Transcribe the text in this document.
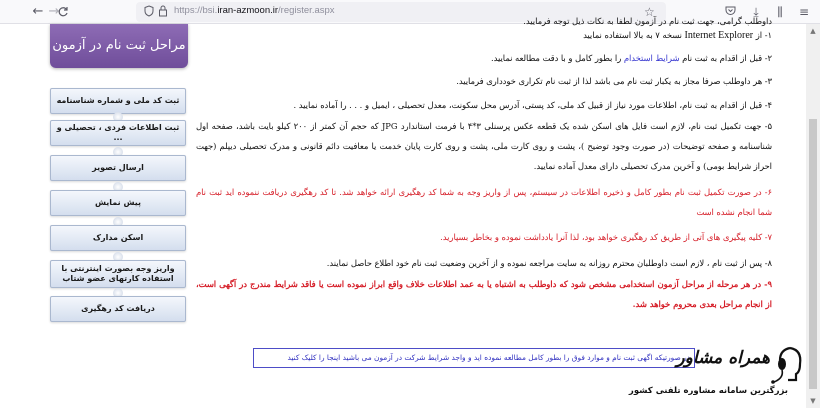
← →	https://bsi.iran-azmoon.ir/register.aspx	☆	⤓	⫼	≡
مراحل ثبت نام در آزمون
ثبت کد ملی و شماره شناسنامه
ثبت اطلاعات فردی ، تحصیلی و ...
ارسال تصویر
پیش نمایش
اسکن مدارک
واریز وجه بصورت اینترنتی با استفاده کارتهای عضو شتاب
دریافت کد رهگیری
داوطلب گرامی، جهت ثبت نام در آزمون لطفا به نکات ذیل توجه فرمایید.
۱- از Internet Explorer نسخه ۷ به بالا استفاده نمایید
۲- قبل از اقدام به ثبت نام شرایط استخدام را بطور کامل و با دقت مطالعه نمایید.
۳- هر داوطلب صرفا مجاز به یکبار ثبت نام می باشد لذا از ثبت نام تکراری خودداری فرمایید.
۴- قبل از اقدام به ثبت نام، اطلاعات مورد نیاز از قبیل کد ملی، کد پستی، آدرس محل سکونت، معدل تحصیلی ، ایمیل و . . . را آماده نمایید .
۵- جهت تکمیل ثبت نام، لازم است فایل های اسکن شده یک قطعه عکس پرسنلی ۳*۴ با فرمت استاندارد JPG که حجم آن کمتر از ۲۰۰ کیلو بایت باشد، صفحه اول شناسنامه و صفحه توضیحات (در صورت وجود توضیح )، پشت و روی کارت ملی، پشت و روی کارت پایان خدمت یا معافیت دائم قانونی و مدرک تحصیلی دیپلم (جهت احراز شرایط بومی) و آخرین مدرک تحصیلی دارای معدل آماده نمایید.
۶- در صورت تکمیل ثبت نام بطور کامل و ذخیره اطلاعات در سیستم، پس از واریز وجه به شما کد رهگیری ارائه خواهد شد. تا کد رهگیری دریافت ننموده اید ثبت نام شما انجام نشده است
۷- کلیه پیگیری های آتی از طریق کد رهگیری خواهد بود، لذا آنرا یادداشت نموده و بخاطر بسپارید.
۸- پس از ثبت نام ، لازم است داوطلبان محترم روزانه به سایت مراجعه نموده و از آخرین وضعیت ثبت نام خود اطلاع حاصل نمایند.
۹- در هر مرحله از مراحل آزمون استخدامی مشخص شود که داوطلب به اشتباه یا به عمد اطلاعات خلاف واقع ابراز نموده است یا فاقد شرایط مندرج در آگهی است، از انجام مراحل بعدی محروم خواهد شد.
در صورتیکه اگهی ثبت نام و موارد فوق را بطور کامل مطالعه نموده اید و واجد شرایط شرکت در آزمون می باشید اینجا را کلیک کنید
همراه مشاور
بزرگترین سامانه مشاوره تلفنی کشور
▲
▼
